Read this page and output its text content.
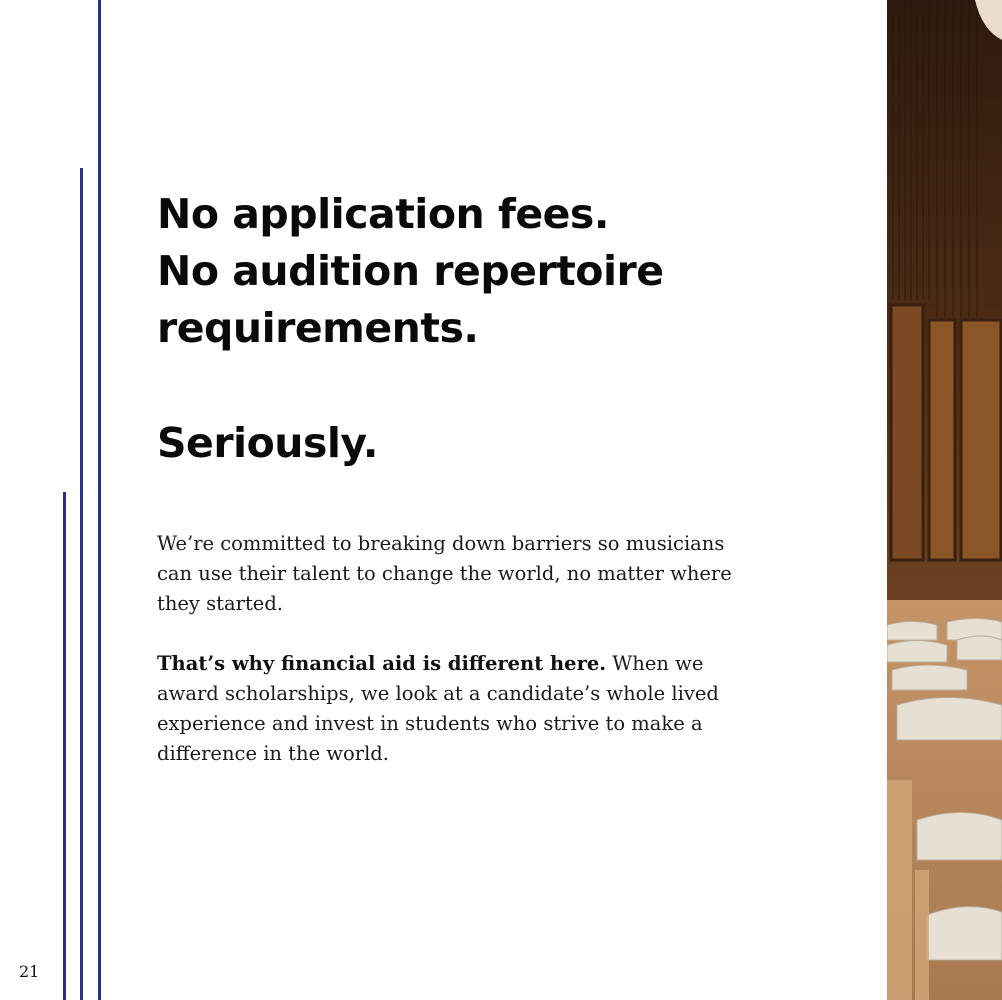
No application fees.
No audition repertoire
requirements.
Seriously.
We’re committed to breaking down barriers so musicians
can use their talent to change the world, no matter where
they started.
That’s why financial aid is different here. When we
award scholarships, we look at a candidate’s whole lived
experience and invest in students who strive to make a
difference in the world.
21
